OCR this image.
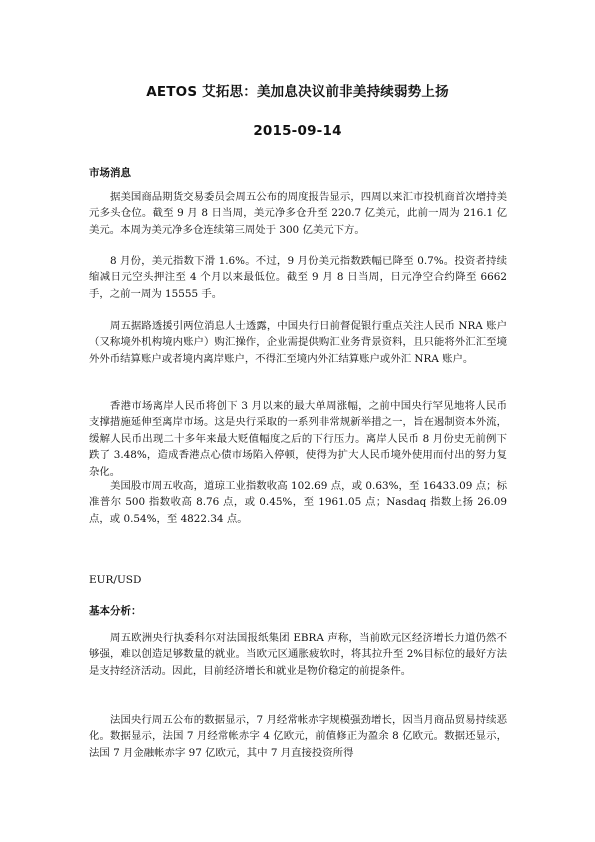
AETOS 艾拓思：美加息决议前非美持续弱势上扬
2015-09-14
市场消息

据美国商品期货交易委员会周五公布的周度报告显示，四周以来汇市投机商首次增持美元多头仓位。截至 9 月 8 日当周，美元净多仓升至 220.7 亿美元，此前一周为 216.1 亿美元。本周为美元净多仓连续第三周处于 300 亿美元下方。

8 月份，美元指数下滑 1.6%。不过，9 月份美元指数跌幅已降至 0.7%。投资者持续缩减日元空头押注至 4 个月以来最低位。截至 9 月 8 日当周，日元净空合约降至 6662 手，之前一周为 15555 手。

周五据路透援引两位消息人士透露，中国央行日前督促银行重点关注人民币 NRA 账户（又称境外机构境内账户）购汇操作，企业需提供购汇业务背景资料，且只能将外汇汇至境外外币结算账户或者境内离岸账户，不得汇至境内外汇结算账户或外汇 NRA 账户。

香港市场离岸人民币将创下 3 月以来的最大单周涨幅，之前中国央行罕见地将人民币支撑措施延伸至离岸市场。这是央行采取的一系列非常规新举措之一，旨在遏制资本外流，缓解人民币出现二十多年来最大贬值幅度之后的下行压力。离岸人民币 8 月份史无前例下跌了 3.48%，造成香港点心债市场陷入停顿，使得为扩大人民币境外使用而付出的努力复杂化。

美国股市周五收高，道琼工业指数收高 102.69 点，或 0.63%，至 16433.09 点；标准普尔 500 指数收高 8.76 点，或 0.45%，至 1961.05 点；Nasdaq 指数上扬 26.09 点，或 0.54%，至 4822.34 点。

EUR/USD
基本分析：

周五欧洲央行执委科尔对法国报纸集团 EBRA 声称，当前欧元区经济增长力道仍然不够强，难以创造足够数量的就业。当欧元区通胀疲软时，将其拉升至 2%目标位的最好方法是支持经济活动。因此，目前经济增长和就业是物价稳定的前提条件。

法国央行周五公布的数据显示，7 月经常帐赤字规模强劲增长，因当月商品贸易持续恶化。数据显示，法国 7 月经常帐赤字 4 亿欧元，前值修正为盈余 8 亿欧元。数据还显示，法国 7 月金融帐赤字 97 亿欧元，其中 7 月直接投资所得
